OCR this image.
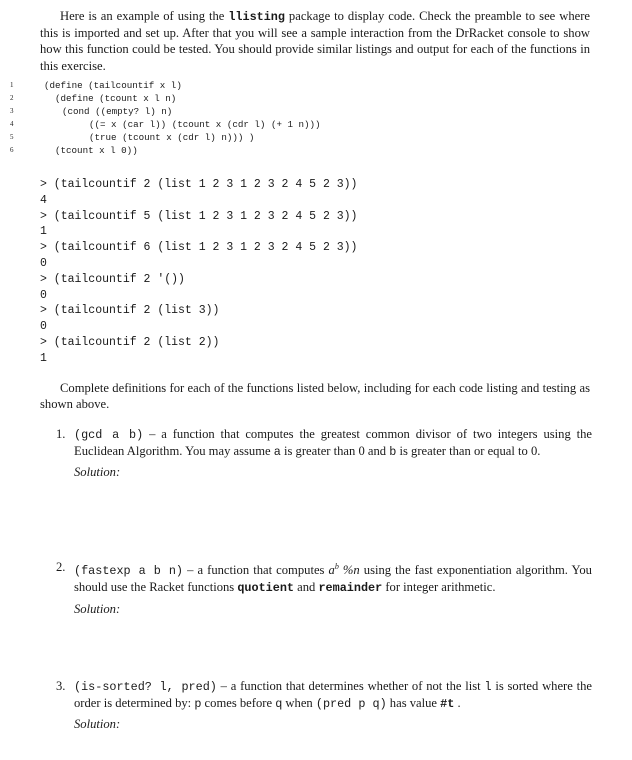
Here is an example of using the llisting package to display code. Check the preamble to see where this is imported and set up. After that you will see a sample interaction from the DrRacket console to show how this function could be tested. You should provide similar listings and output for each of the functions in this exercise.

1	(define (tailcountif x l)
2	(define (tcount x l n)
3	(cond ((empty? l) n)
4	((= x (car l)) (tcount x (cdr l) (+ 1 n)))
5	(true (tcount x (cdr l) n))) )
6	(tcount x l 0))
> (tailcountif 2 (list 1 2 3 1 2 3 2 4 5 2 3))
4
> (tailcountif 5 (list 1 2 3 1 2 3 2 4 5 2 3))
1
> (tailcountif 6 (list 1 2 3 1 2 3 2 4 5 2 3))
0
> (tailcountif 2 '())
0
> (tailcountif 2 (list 3))
0
> (tailcountif 2 (list 2))
1

Complete definitions for each of the functions listed below, including for each code listing and testing as shown above.

1. (gcd a b) – a function that computes the greatest common divisor of two integers using the Euclidean Algorithm. You may assume a is greater than 0 and b is greater than or equal to 0.
Solution:
2. (fastexp a b n) – a function that computes $a^b$ %n using the fast exponentiation algorithm. You should use the Racket functions quotient and remainder for integer arithmetic.
Solution:
3. (is-sorted? l, pred) – a function that determines whether of not the list l is sorted where the order is determined by: p comes before q when (pred p q) has value #t .
Solution:
